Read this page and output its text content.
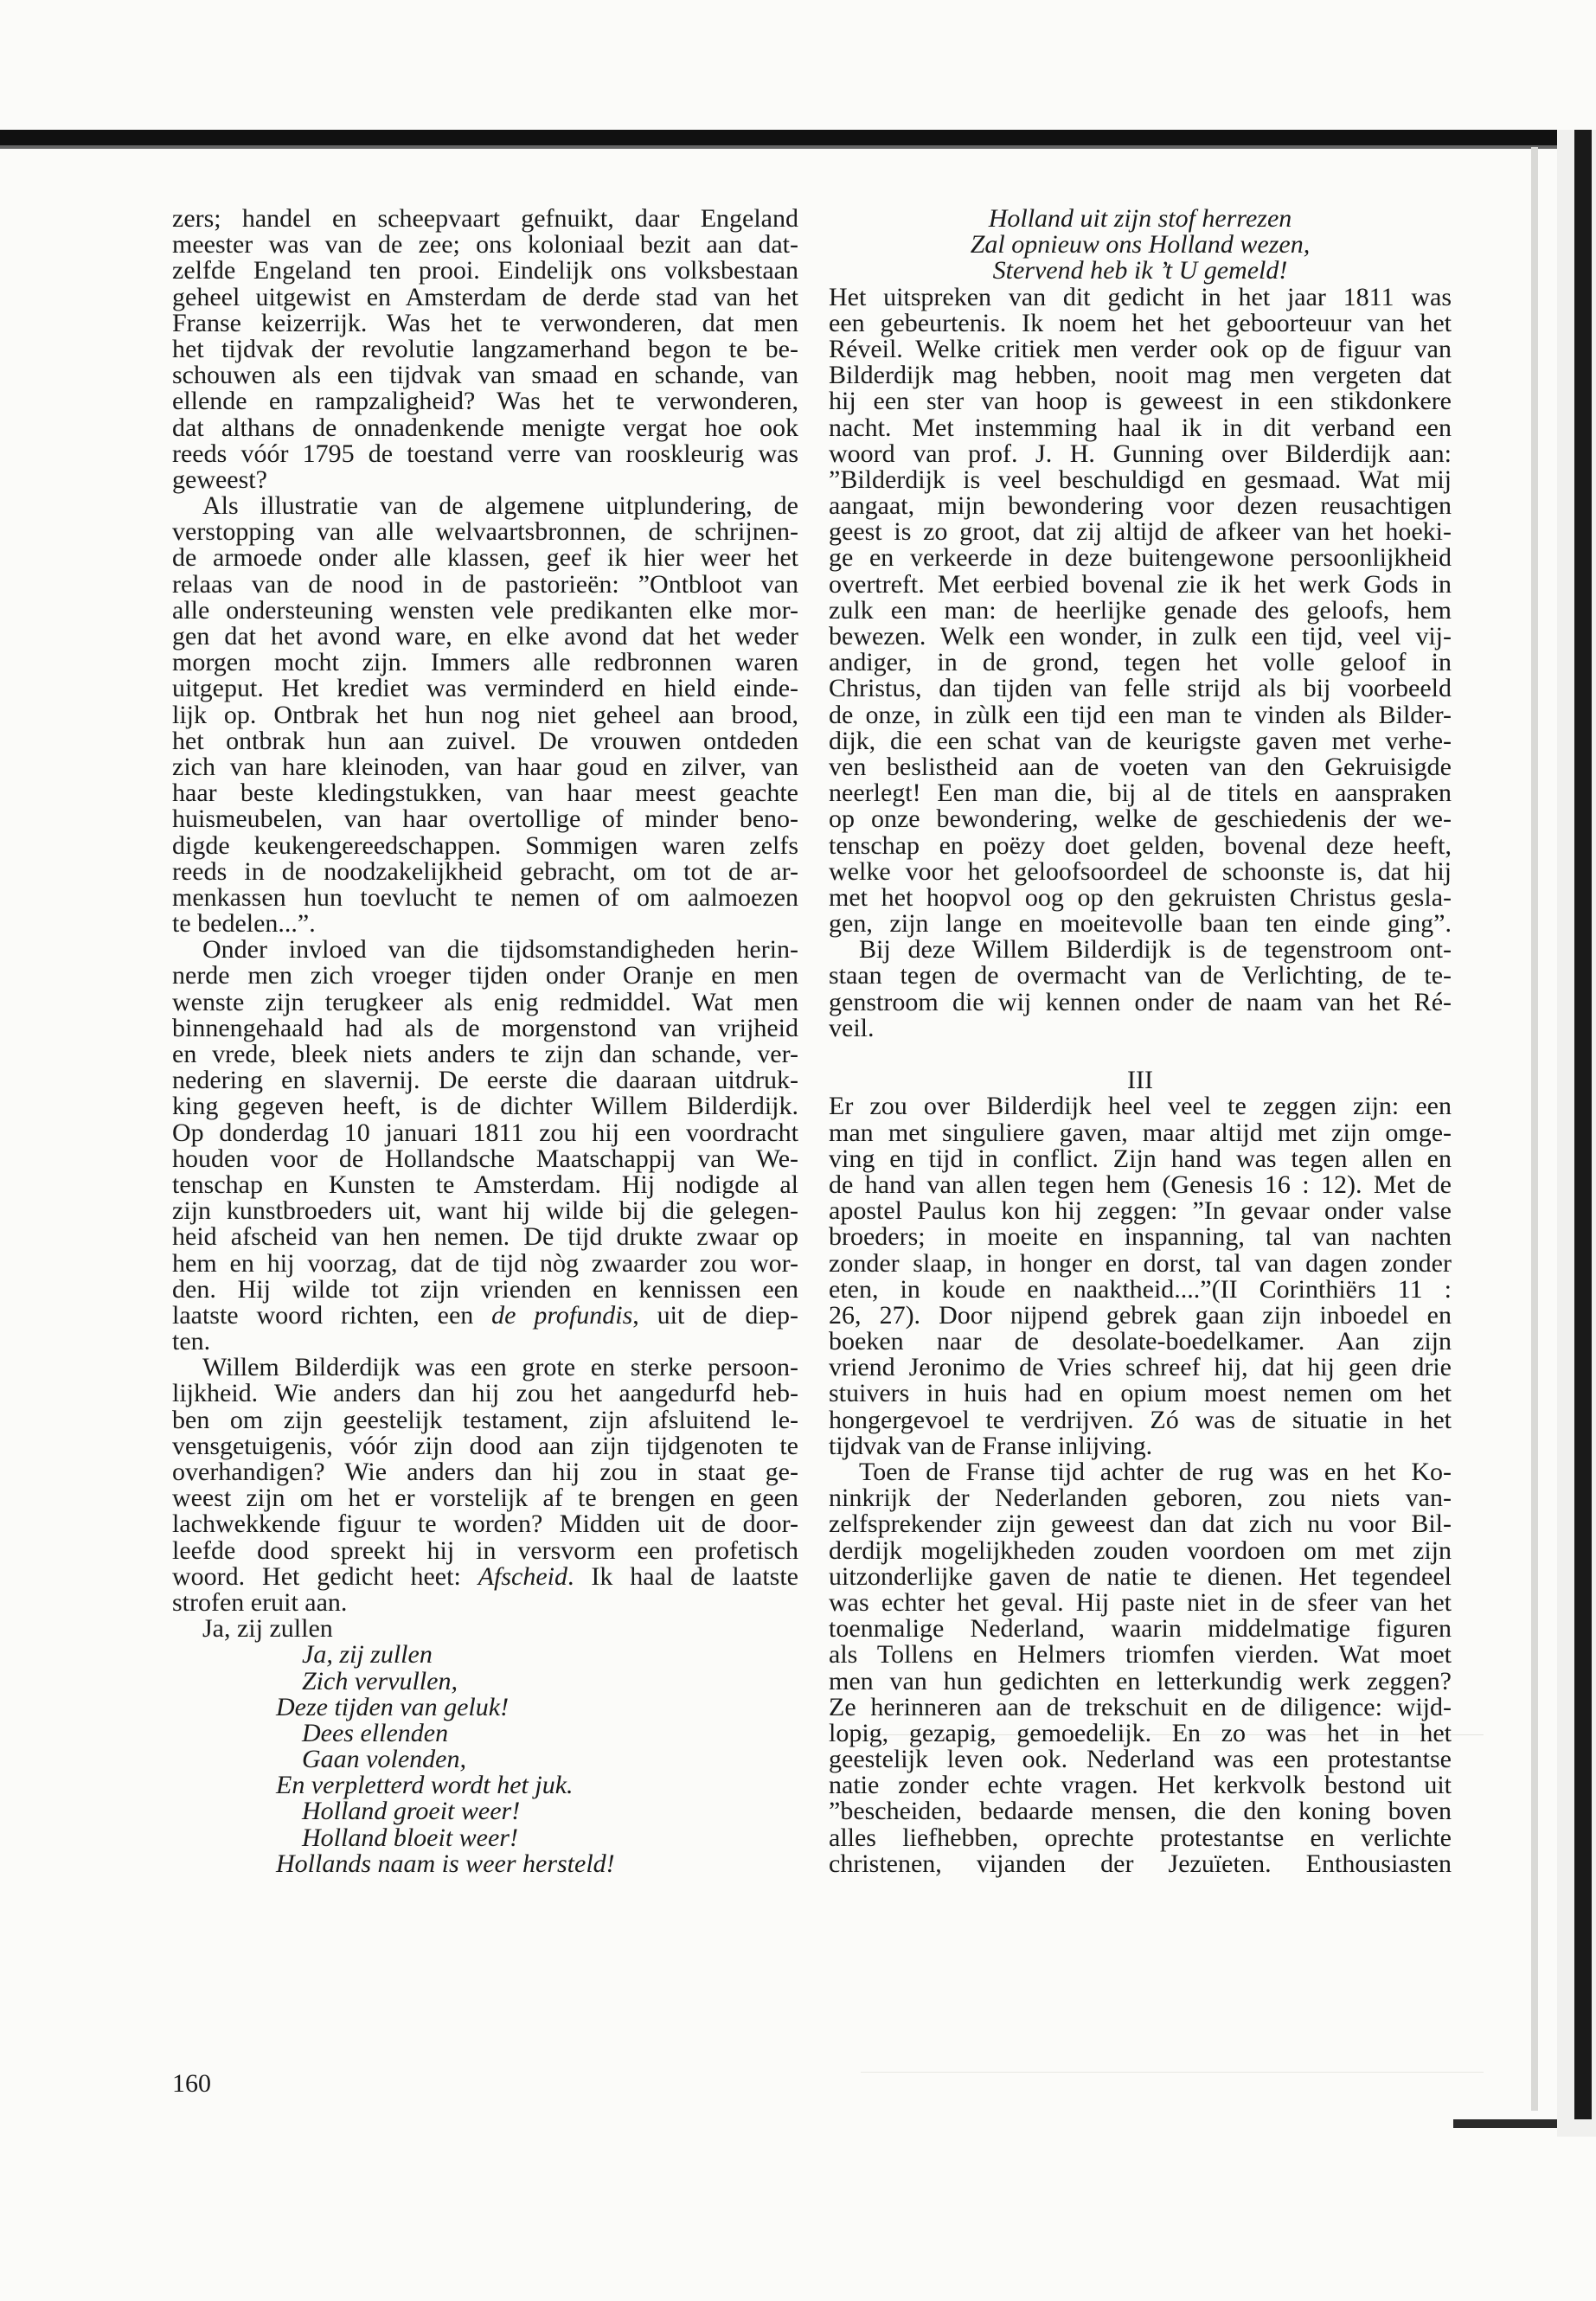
zers; handel en scheepvaart gefnuikt, daar Engeland
meester was van de zee; ons koloniaal bezit aan dat-
zelfde Engeland ten prooi. Eindelijk ons volksbestaan
geheel uitgewist en Amsterdam de derde stad van het
Franse keizerrijk. Was het te verwonderen, dat men
het tijdvak der revolutie langzamerhand begon te be-
schouwen als een tijdvak van smaad en schande, van
ellende en rampzaligheid? Was het te verwonderen,
dat althans de onnadenkende menigte vergat hoe ook
reeds vóór 1795 de toestand verre van rooskleurig was
geweest?
Als illustratie van de algemene uitplundering, de
verstopping van alle welvaartsbronnen, de schrijnen-
de armoede onder alle klassen, geef ik hier weer het
relaas van de nood in de pastorieën: ”Ontbloot van
alle ondersteuning wensten vele predikanten elke mor-
gen dat het avond ware, en elke avond dat het weder
morgen mocht zijn. Immers alle redbronnen waren
uitgeput. Het krediet was verminderd en hield einde-
lijk op. Ontbrak het hun nog niet geheel aan brood,
het ontbrak hun aan zuivel. De vrouwen ontdeden
zich van hare kleinoden, van haar goud en zilver, van
haar beste kledingstukken, van haar meest geachte
huismeubelen, van haar overtollige of minder beno-
digde keukengereedschappen. Sommigen waren zelfs
reeds in de noodzakelijkheid gebracht, om tot de ar-
menkassen hun toevlucht te nemen of om aalmoezen
te bedelen...”.
Onder invloed van die tijdsomstandigheden herin-
nerde men zich vroeger tijden onder Oranje en men
wenste zijn terugkeer als enig redmiddel. Wat men
binnengehaald had als de morgenstond van vrijheid
en vrede, bleek niets anders te zijn dan schande, ver-
nedering en slavernij. De eerste die daaraan uitdruk-
king gegeven heeft, is de dichter Willem Bilderdijk.
Op donderdag 10 januari 1811 zou hij een voordracht
houden voor de Hollandsche Maatschappij van We-
tenschap en Kunsten te Amsterdam. Hij nodigde al
zijn kunstbroeders uit, want hij wilde bij die gelegen-
heid afscheid van hen nemen. De tijd drukte zwaar op
hem en hij voorzag, dat de tijd nòg zwaarder zou wor-
den. Hij wilde tot zijn vrienden en kennissen een
laatste woord richten, een de profundis, uit de diep-
ten.
Willem Bilderdijk was een grote en sterke persoon-
lijkheid. Wie anders dan hij zou het aangedurfd heb-
ben om zijn geestelijk testament, zijn afsluitend le-
vensgetuigenis, vóór zijn dood aan zijn tijdgenoten te
overhandigen? Wie anders dan hij zou in staat ge-
weest zijn om het er vorstelijk af te brengen en geen
lachwekkende figuur te worden? Midden uit de door-
leefde dood spreekt hij in versvorm een profetisch
woord. Het gedicht heet: Afscheid. Ik haal de laatste
strofen eruit aan.
Ja, zij zullen
Ja, zij zullen
Zich vervullen,
Deze tijden van geluk!
Dees ellenden
Gaan volenden,
En verpletterd wordt het juk.
Holland groeit weer!
Holland bloeit weer!
Hollands naam is weer hersteld!
Holland uit zijn stof herrezen
Zal opnieuw ons Holland wezen,
Stervend heb ik ’t U gemeld!
Het uitspreken van dit gedicht in het jaar 1811 was
een gebeurtenis. Ik noem het het geboorteuur van het
Réveil. Welke critiek men verder ook op de figuur van
Bilderdijk mag hebben, nooit mag men vergeten dat
hij een ster van hoop is geweest in een stikdonkere
nacht. Met instemming haal ik in dit verband een
woord van prof. J. H. Gunning over Bilderdijk aan:
”Bilderdijk is veel beschuldigd en gesmaad. Wat mij
aangaat, mijn bewondering voor dezen reusachtigen
geest is zo groot, dat zij altijd de afkeer van het hoeki-
ge en verkeerde in deze buitengewone persoonlijkheid
overtreft. Met eerbied bovenal zie ik het werk Gods in
zulk een man: de heerlijke genade des geloofs, hem
bewezen. Welk een wonder, in zulk een tijd, veel vij-
andiger, in de grond, tegen het volle geloof in
Christus, dan tijden van felle strijd als bij voorbeeld
de onze, in zùlk een tijd een man te vinden als Bilder-
dijk, die een schat van de keurigste gaven met verhe-
ven beslistheid aan de voeten van den Gekruisigde
neerlegt! Een man die, bij al de titels en aanspraken
op onze bewondering, welke de geschiedenis der we-
tenschap en poëzy doet gelden, bovenal deze heeft,
welke voor het geloofsoordeel de schoonste is, dat hij
met het hoopvol oog op den gekruisten Christus gesla-
gen, zijn lange en moeitevolle baan ten einde ging”.
Bij deze Willem Bilderdijk is de tegenstroom ont-
staan tegen de overmacht van de Verlichting, de te-
genstroom die wij kennen onder de naam van het Ré-
veil.

III
Er zou over Bilderdijk heel veel te zeggen zijn: een
man met singuliere gaven, maar altijd met zijn omge-
ving en tijd in conflict. Zijn hand was tegen allen en
de hand van allen tegen hem (Genesis 16 : 12). Met de
apostel Paulus kon hij zeggen: ”In gevaar onder valse
broeders; in moeite en inspanning, tal van nachten
zonder slaap, in honger en dorst, tal van dagen zonder
eten, in koude en naaktheid....”(II Corinthiërs 11 :
26, 27). Door nijpend gebrek gaan zijn inboedel en
boeken naar de desolate-boedelkamer. Aan zijn
vriend Jeronimo de Vries schreef hij, dat hij geen drie
stuivers in huis had en opium moest nemen om het
hongergevoel te verdrijven. Zó was de situatie in het
tijdvak van de Franse inlijving.
Toen de Franse tijd achter de rug was en het Ko-
ninkrijk der Nederlanden geboren, zou niets van-
zelfsprekender zijn geweest dan dat zich nu voor Bil-
derdijk mogelijkheden zouden voordoen om met zijn
uitzonderlijke gaven de natie te dienen. Het tegendeel
was echter het geval. Hij paste niet in de sfeer van het
toenmalige Nederland, waarin middelmatige figuren
als Tollens en Helmers triomfen vierden. Wat moet
men van hun gedichten en letterkundig werk zeggen?
Ze herinneren aan de trekschuit en de diligence: wijd-
lopig, gezapig, gemoedelijk. En zo was het in het
geestelijk leven ook. Nederland was een protestantse
natie zonder echte vragen. Het kerkvolk bestond uit
”bescheiden, bedaarde mensen, die den koning boven
alles liefhebben, oprechte protestantse en verlichte
christenen, vijanden der Jezuïeten. Enthousiasten
160
